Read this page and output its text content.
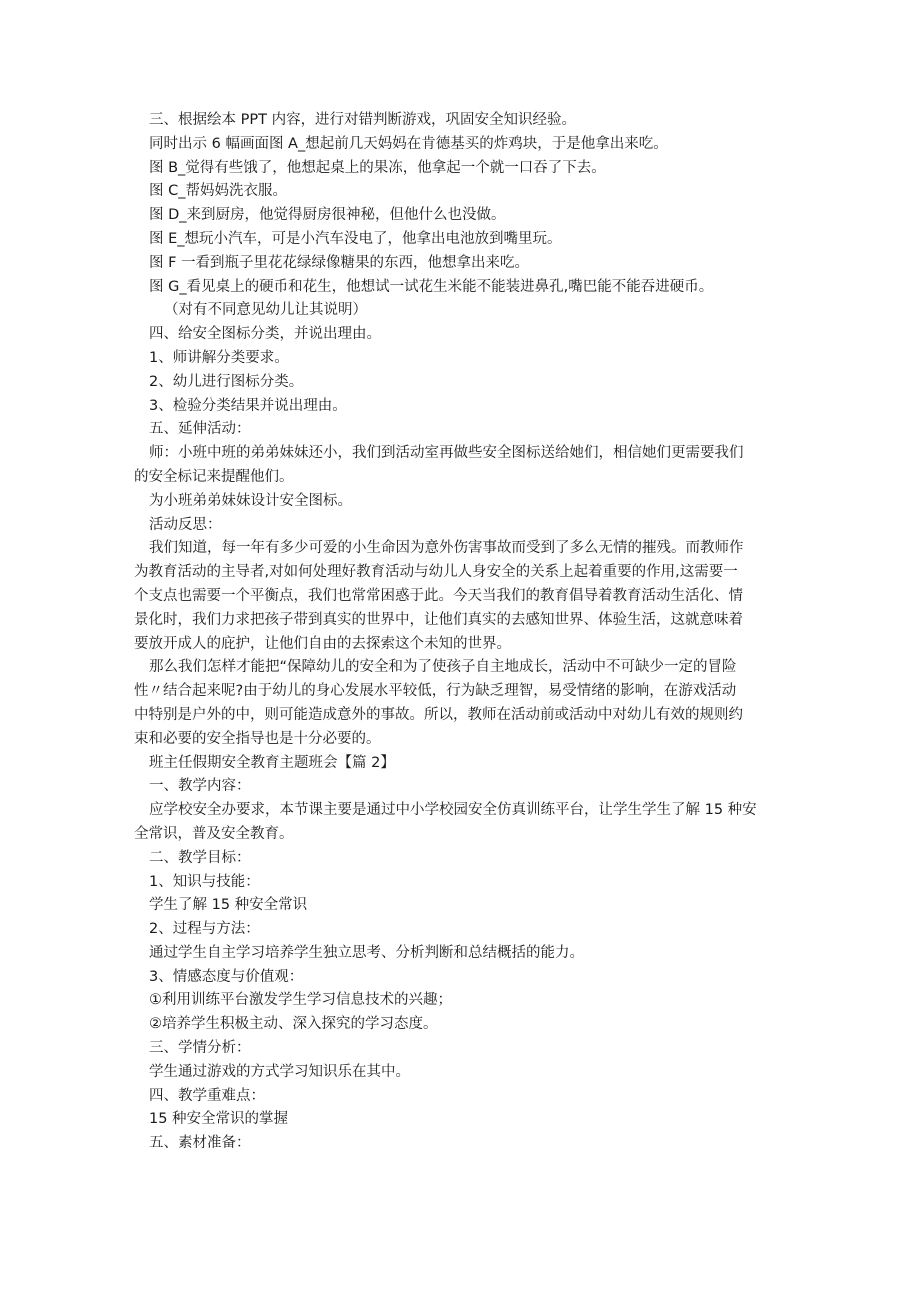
三、根据绘本 PPT 内容，进行对错判断游戏，巩固安全知识经验。
同时出示 6 幅画面图 A_想起前几天妈妈在肯德基买的炸鸡块，于是他拿出来吃。
图 B_觉得有些饿了，他想起桌上的果冻，他拿起一个就一口吞了下去。
图 C_帮妈妈洗衣服。
图 D_来到厨房，他觉得厨房很神秘，但他什么也没做。
图 E_想玩小汽车，可是小汽车没电了，他拿出电池放到嘴里玩。
图 F 一看到瓶子里花花绿绿像糖果的东西，他想拿出来吃。
图 G_看见桌上的硬币和花生，他想试一试花生米能不能装进鼻孔,嘴巴能不能吞进硬币。
（对有不同意见幼儿让其说明）
四、给安全图标分类，并说出理由。
1、师讲解分类要求。
2、幼儿进行图标分类。
3、检验分类结果并说出理由。
五、延伸活动：
师：小班中班的弟弟妹妹还小，我们到活动室再做些安全图标送给她们，相信她们更需要我们
的安全标记来提醒他们。
为小班弟弟妹妹设计安全图标。
活动反思：
我们知道，每一年有多少可爱的小生命因为意外伤害事故而受到了多么无情的摧残。而教师作
为教育活动的主导者,对如何处理好教育活动与幼儿人身安全的关系上起着重要的作用,这需要一
个支点也需要一个平衡点，我们也常常困惑于此。今天当我们的教育倡导着教育活动生活化、情
景化时，我们力求把孩子带到真实的世界中，让他们真实的去感知世界、体验生活，这就意味着
要放开成人的庇护，让他们自由的去探索这个未知的世界。
那么我们怎样才能把“保障幼儿的安全和为了使孩子自主地成长，活动中不可缺少一定的冒险
性〃结合起来呢?由于幼儿的身心发展水平较低，行为缺乏理智，易受情绪的影响，在游戏活动
中特别是户外的中，则可能造成意外的事故。所以，教师在活动前或活动中对幼儿有效的规则约
束和必要的安全指导也是十分必要的。
班主任假期安全教育主题班会【篇 2】
一、教学内容：
应学校安全办要求，本节课主要是通过中小学校园安全仿真训练平台，让学生学生了解 15 种安
全常识，普及安全教育。
二、教学目标：
1、知识与技能：
学生了解 15 种安全常识
2、过程与方法：
通过学生自主学习培养学生独立思考、分析判断和总结概括的能力。
3、情感态度与价值观：
①利用训练平台激发学生学习信息技术的兴趣；
②培养学生积极主动、深入探究的学习态度。
三、学情分析：
学生通过游戏的方式学习知识乐在其中。
四、教学重难点：
15 种安全常识的掌握
五、素材准备：
